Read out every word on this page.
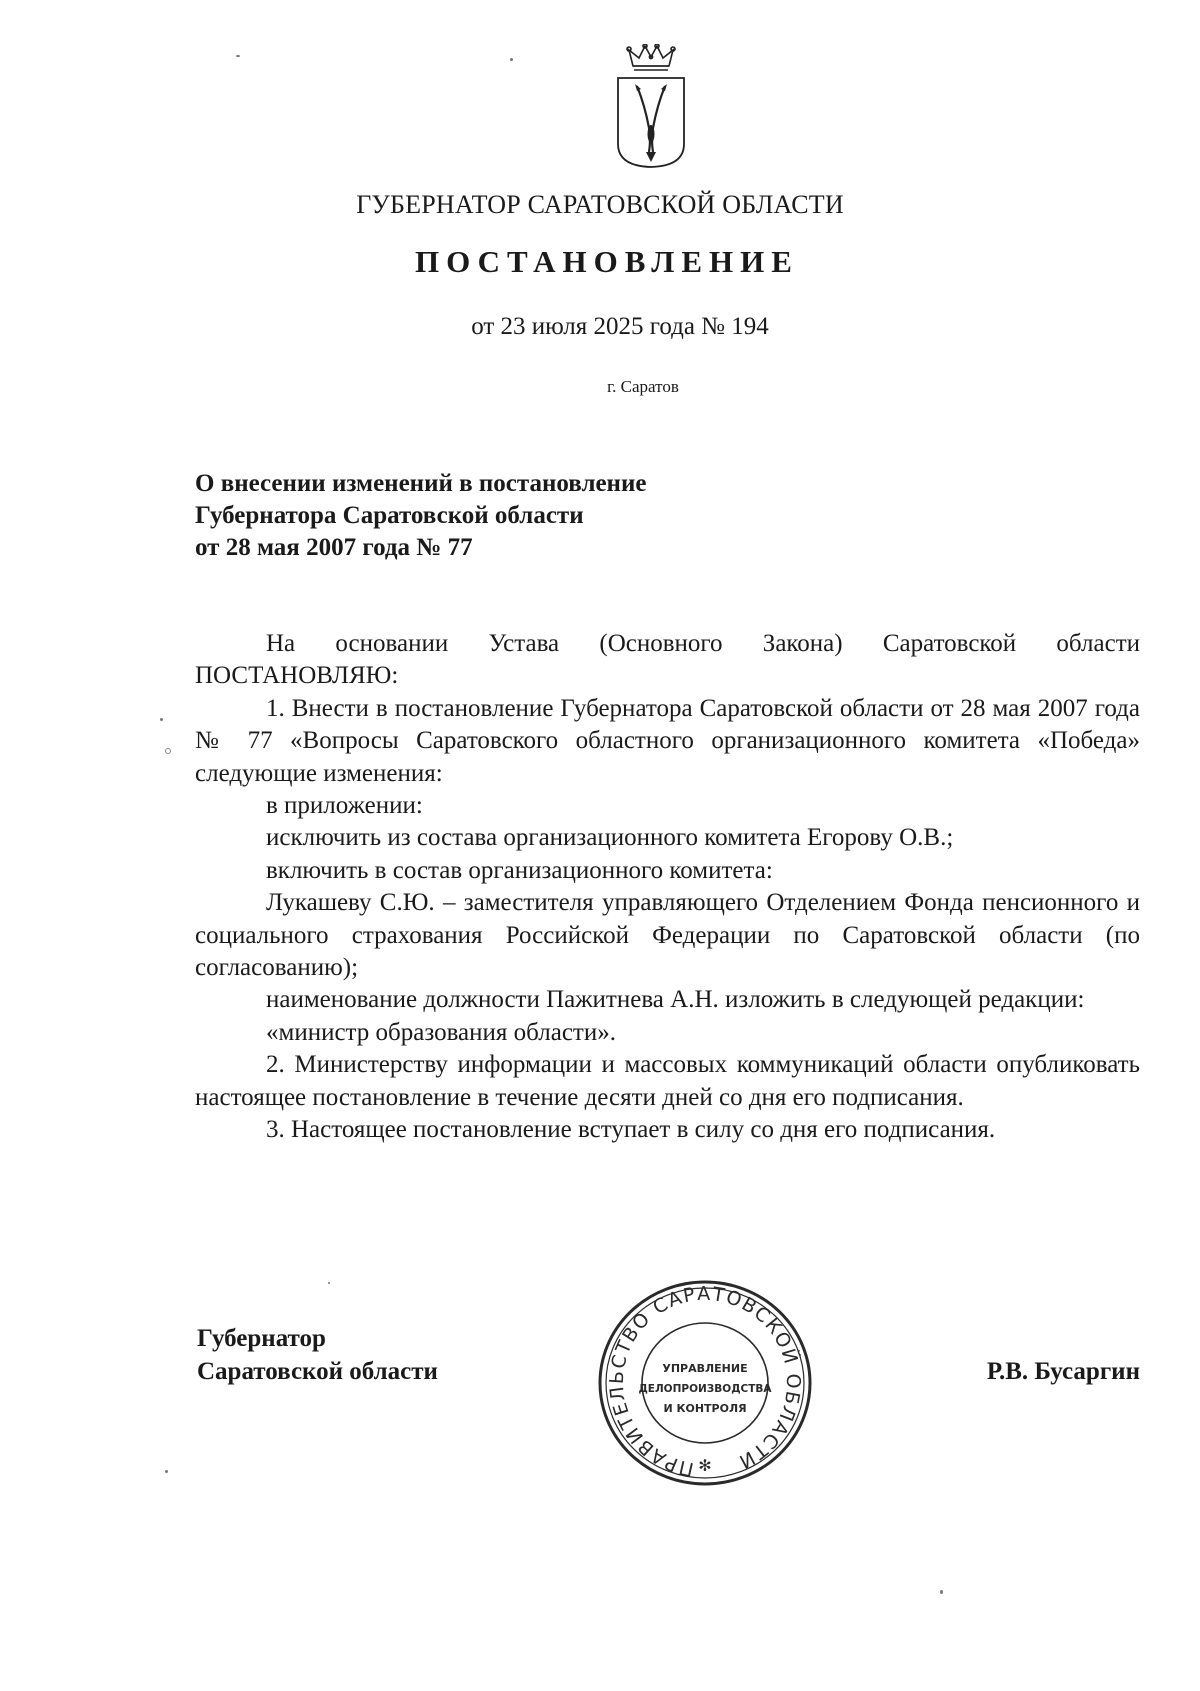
ГУБЕРНАТОР САРАТОВСКОЙ ОБЛАСТИ
ПОСТАНОВЛЕНИЕ
от 23 июля 2025 года № 194
г. Саратов
О внесении изменений в постановление
Губернатора Саратовской области
от 28 мая 2007 года № 77

На основании Устава (Основного Закона) Саратовской области ПОСТАНОВЛЯЮ:

1. Внести в постановление Губернатора Саратовской области от 28 мая 2007 года № 77 «Вопросы Саратовского областного организационного комитета «Победа» следующие изменения:

в приложении:

исключить из состава организационного комитета Егорову О.В.;

включить в состав организационного комитета:

Лукашеву С.Ю. – заместителя управляющего Отделением Фонда пенсионного и социального страхования Российской Федерации по Саратовской области (по согласованию);

наименование должности Пажитнева А.Н. изложить в следующей редакции:

«министр образования области».

2. Министерству информации и массовых коммуникаций области опубликовать настоящее постановление в течение десяти дней со дня его подписания.

3. Настоящее постановление вступает в силу со дня его подписания.

Губернатор
Саратовской области
ПРАВИТЕЛЬСТВО САРАТОВСКОЙ ОБЛАСТИ
УПРАВЛЕНИЕ
ДЕЛОПРОИЗВОДСТВА
И КОНТРОЛЯ
✻
Р.В. Бусаргин
